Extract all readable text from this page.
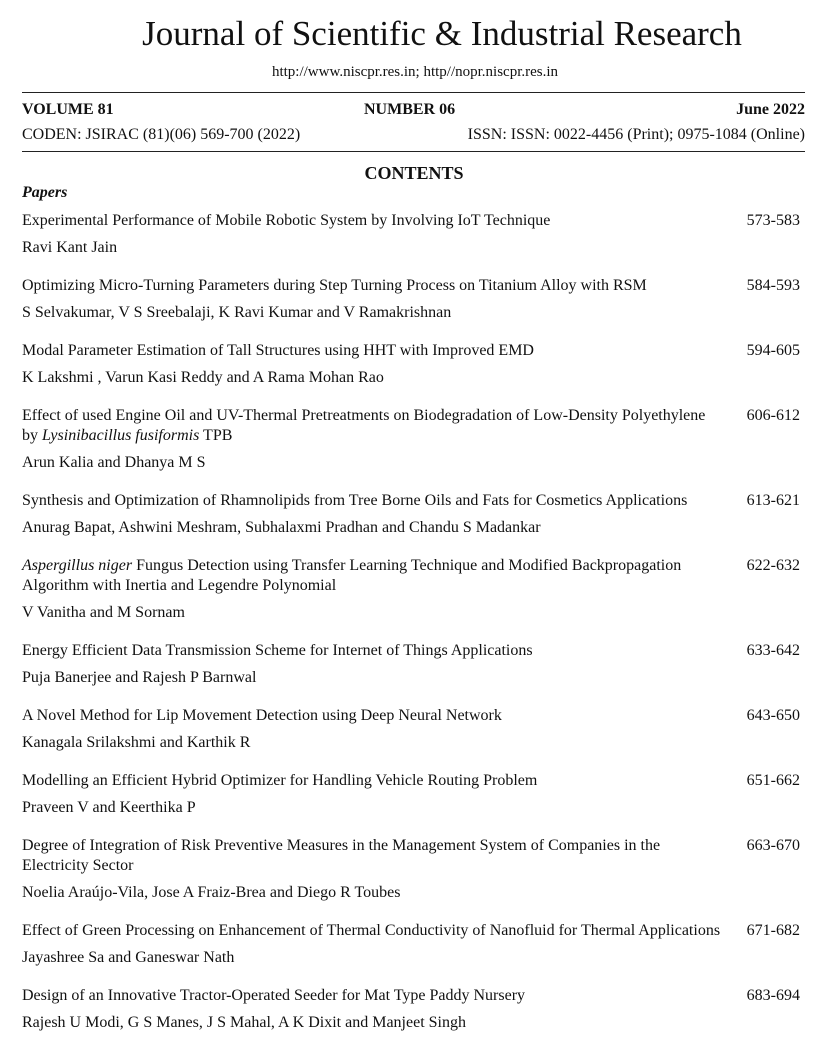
Journal of Scientific & Industrial Research
http://www.niscpr.res.in; http//nopr.niscpr.res.in
VOLUME 81	NUMBER 06	June 2022
CODEN: JSIRAC (81)(06) 569-700 (2022)	ISSN: ISSN: 0022-4456 (Print); 0975-1084 (Online)
CONTENTS
Papers
Experimental Performance of Mobile Robotic System by Involving IoT Technique	573-583
Ravi Kant Jain
Optimizing Micro-Turning Parameters during Step Turning Process on Titanium Alloy with RSM	584-593
S Selvakumar, V S Sreebalaji, K Ravi Kumar and V Ramakrishnan
Modal Parameter Estimation of Tall Structures using HHT with Improved EMD	594-605
K Lakshmi , Varun Kasi Reddy and A Rama Mohan Rao
Effect of used Engine Oil and UV-Thermal Pretreatments on Biodegradation of Low-Density Polyethylene by Lysinibacillus fusiformis TPB
606-612
Arun Kalia and Dhanya M S
Synthesis and Optimization of Rhamnolipids from Tree Borne Oils and Fats for Cosmetics Applications	613-621
Anurag Bapat, Ashwini Meshram, Subhalaxmi Pradhan and Chandu S Madankar
Aspergillus niger Fungus Detection using Transfer Learning Technique and Modified Backpropagation Algorithm with Inertia and Legendre Polynomial
622-632
V Vanitha and M Sornam
Energy Efficient Data Transmission Scheme for Internet of Things Applications	633-642
Puja Banerjee and Rajesh P Barnwal
A Novel Method for Lip Movement Detection using Deep Neural Network	643-650
Kanagala Srilakshmi and Karthik R
Modelling an Efficient Hybrid Optimizer for Handling Vehicle Routing Problem	651-662
Praveen V and Keerthika P
Degree of Integration of Risk Preventive Measures in the Management System of Companies in the Electricity Sector
663-670
Noelia Araújo-Vila, Jose A Fraiz-Brea and Diego R Toubes
Effect of Green Processing on Enhancement of Thermal Conductivity of Nanofluid for Thermal Applications 671-682
Jayashree Sa and Ganeswar Nath
Design of an Innovative Tractor-Operated Seeder for Mat Type Paddy Nursery	683-694
Rajesh U Modi, G S Manes, J S Mahal, A K Dixit and Manjeet Singh
